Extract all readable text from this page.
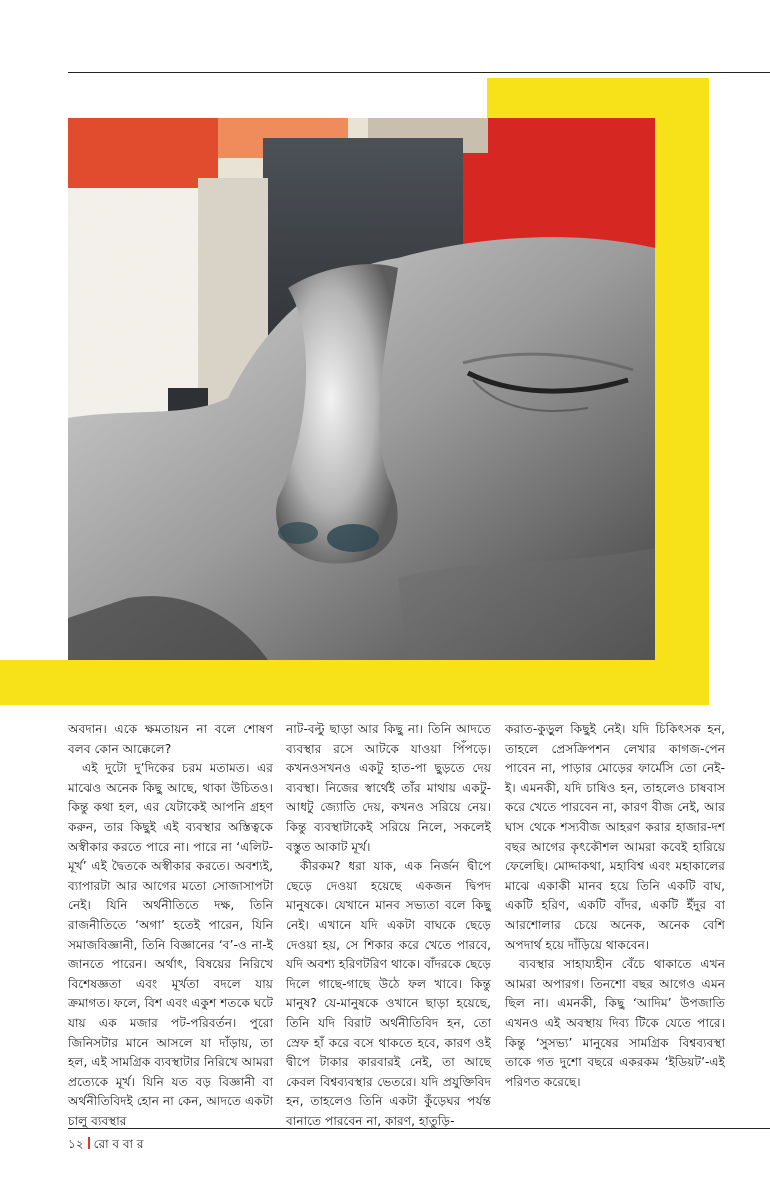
অবদান। একে ক্ষমতায়ন না বলে শোষণ বলব কোন আক্কেলে?

এই দুটো দু’দিকের চরম মতামত। এর মাঝেও অনেক কিছু আছে, থাকা উচিতও। কিন্তু কথা হল, এর যেটাকেই আপনি গ্রহণ করুন, তার কিছুই এই ব্যবস্থার অস্তিত্বকে অস্বীকার করতে পারে না। পারে না ‘এলিট-মূর্খ’ এই দ্বৈতকে অস্বীকার করতে। অবশ্যই, ব্যাপারটা আর আগের মতো সোজাসাপটা নেই। যিনি অর্থনীতিতে দক্ষ, তিনি রাজনীতিতে ‘অগা’ হতেই পারেন, যিনি সমাজবিজ্ঞানী, তিনি বিজ্ঞানের ‘ব’-ও না-ই জানতে পারেন। অর্থাৎ, বিষয়ের নিরিখে বিশেষজ্ঞতা এবং মূর্খতা বদলে যায় ক্রমাগত। ফলে, বিশ এবং একুশ শতকে ঘটে যায় এক মজার পট-পরিবর্তন। পুরো জিনিসটার মানে আসলে যা দাঁড়ায়, তা হল, এই সামগ্রিক ব্যবস্থাটার নিরিখে আমরা প্রত্যেকে মূর্খ। যিনি যত বড় বিজ্ঞানী বা অর্থনীতিবিদই হোন না কেন, আদতে একটা চালু ব্যবস্থার

নাট-বল্টু ছাড়া আর কিছু না। তিনি আদতে ব্যবস্থার রসে আটকে যাওয়া পিঁপড়ে। কখনওসখনও একটু হাত-পা ছুড়তে দেয় ব্যবস্থা। নিজের স্বার্থেই তাঁর মাথায় একটু-আধটু জ্যোতি দেয়, কখনও সরিয়ে নেয়। কিন্তু ব্যবস্থাটাকেই সরিয়ে নিলে, সকলেই বস্তুত আকাট মূর্খ।

কীরকম? ধরা যাক, এক নির্জন দ্বীপে ছেড়ে দেওয়া হয়েছে একজন দ্বিপদ মানুষকে। যেখানে মানব সভ্যতা বলে কিছু নেই। এখানে যদি একটা বাঘকে ছেড়ে দেওয়া হয়, সে শিকার করে খেতে পারবে, যদি অবশ্য হরিণটরিণ থাকে। বাঁদরকে ছেড়ে দিলে গাছে-গাছে উঠে ফল খাবে। কিন্তু মানুষ? যে-মানুষকে ওখানে ছাড়া হয়েছে, তিনি যদি বিরাট অর্থনীতিবিদ হন, তো স্রেফ হাঁ করে বসে থাকতে হবে, কারণ ওই দ্বীপে টাকার কারবারই নেই, তা আছে কেবল বিশ্বব্যবস্থার ভেতরে। যদি প্রযুক্তিবিদ হন, তাহলেও তিনি একটা কুঁড়েঘর পর্যন্ত বানাতে পারবেন না, কারণ, হাতুড়ি-

করাত-কুড়ুল কিছুই নেই। যদি চিকিৎসক হন, তাহলে প্রেসক্রিপশন লেখার কাগজ-পেন পাবেন না, পাড়ার মোড়ের ফার্মেসি তো নেই-ই। এমনকী, যদি চাষিও হন, তাহলেও চাষবাস করে খেতে পারবেন না, কারণ বীজ নেই, আর ঘাস থেকে শস্যবীজ আহরণ করার হাজার-দশ বছর আগের কৃৎকৌশল আমরা কবেই হারিয়ে ফেলেছি। মোদ্দাকথা, মহাবিশ্ব এবং মহাকালের মাঝে একাকী মানব হয়ে তিনি একটি বাঘ, একটি হরিণ, একটি বাঁদর, একটি ইঁদুর বা আরশোলার চেয়ে অনেক, অনেক বেশি অপদার্থ হয়ে দাঁড়িয়ে থাকবেন।

ব্যবস্থার সাহায্যহীন বেঁচে থাকাতে এখন আমরা অপারগ। তিনশো বছর আগেও এমন ছিল না। এমনকী, কিছু ‘আদিম’ উপজাতি এখনও এই অবস্থায় দিব্য টিকে যেতে পারে। কিন্তু ‘সুসভ্য’ মানুষের সামগ্রিক বিশ্বব্যবস্থা তাকে গত দুশো বছরে একরকম ‘ইডিয়ট’-এই পরিণত করেছে।

১২ রো ব বা র
